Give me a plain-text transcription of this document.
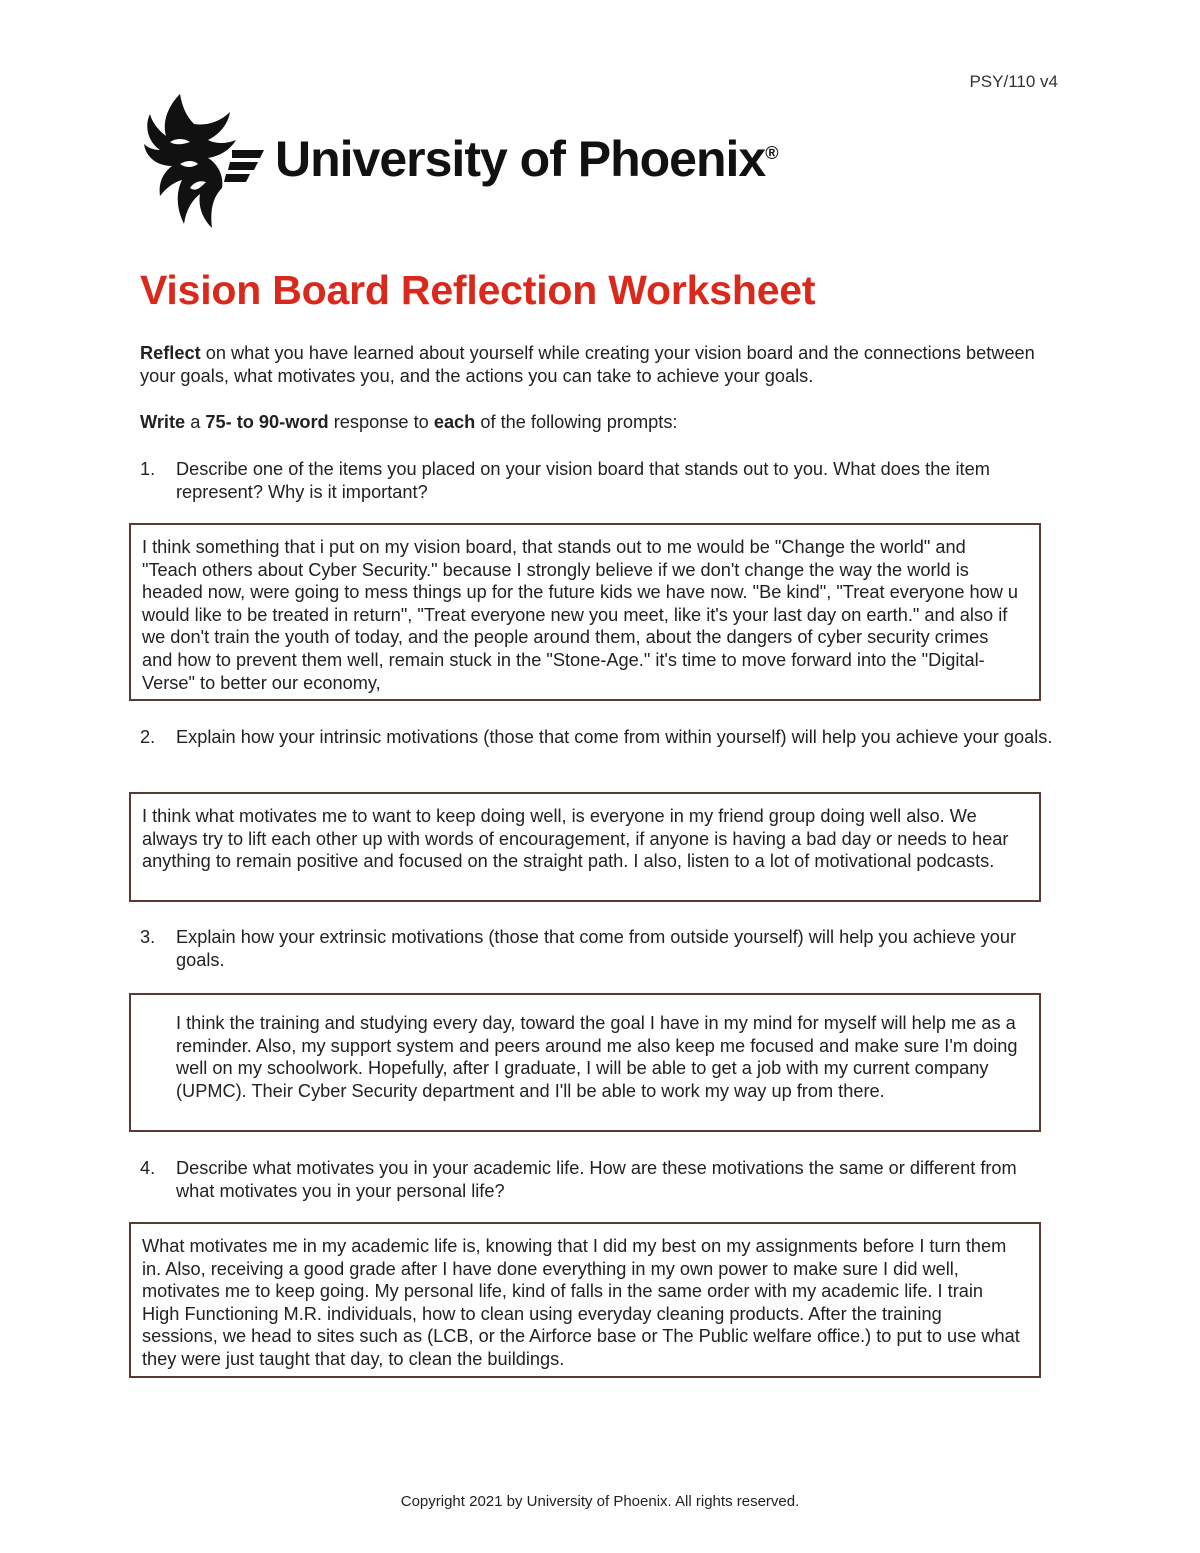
PSY/110 v4
University of Phoenix®
Vision Board Reflection Worksheet

Reflect on what you have learned about yourself while creating your vision board and the connections between your goals, what motivates you, and the actions you can take to achieve your goals.

Write a 75- to 90-word response to each of the following prompts:

1.	Describe one of the items you placed on your vision board that stands out to you. What does the item represent? Why is it important?

I think something that i put on my vision board, that stands out to me would be "Change the world" and "Teach others about Cyber Security." because I strongly believe if we don't change the way the world is headed now, were going to mess things up for the future kids we have now. "Be kind", "Treat everyone how u would like to be treated in return", "Treat everyone new you meet, like it's your last day on earth." and also if we don't train the youth of today, and the people around them, about the dangers of cyber security crimes and how to prevent them well, remain stuck in the "Stone-Age." it's time to move forward into the "Digital-Verse" to better our economy,

2.	Explain how your intrinsic motivations (those that come from within yourself) will help you achieve your goals.

I think what motivates me to want to keep doing well, is everyone in my friend group doing well also. We always try to lift each other up with words of encouragement, if anyone is having a bad day or needs to hear anything to remain positive and focused on the straight path. I also, listen to a lot of motivational podcasts.

3.	Explain how your extrinsic motivations (those that come from outside yourself) will help you achieve your goals.

I think the training and studying every day, toward the goal I have in my mind for myself will help me as a reminder. Also, my support system and peers around me also keep me focused and make sure I'm doing well on my schoolwork. Hopefully, after I graduate, I will be able to get a job with my current company (UPMC). Their Cyber Security department and I'll be able to work my way up from there.

4.	Describe what motivates you in your academic life. How are these motivations the same or different from what motivates you in your personal life?

What motivates me in my academic life is, knowing that I did my best on my assignments before I turn them in. Also, receiving a good grade after I have done everything in my own power to make sure I did well, motivates me to keep going. My personal life, kind of falls in the same order with my academic life. I train High Functioning M.R. individuals, how to clean using everyday cleaning products. After the training sessions, we head to sites such as (LCB, or the Airforce base or The Public welfare office.) to put to use what they were just taught that day, to clean the buildings.

Copyright 2021 by University of Phoenix. All rights reserved.
